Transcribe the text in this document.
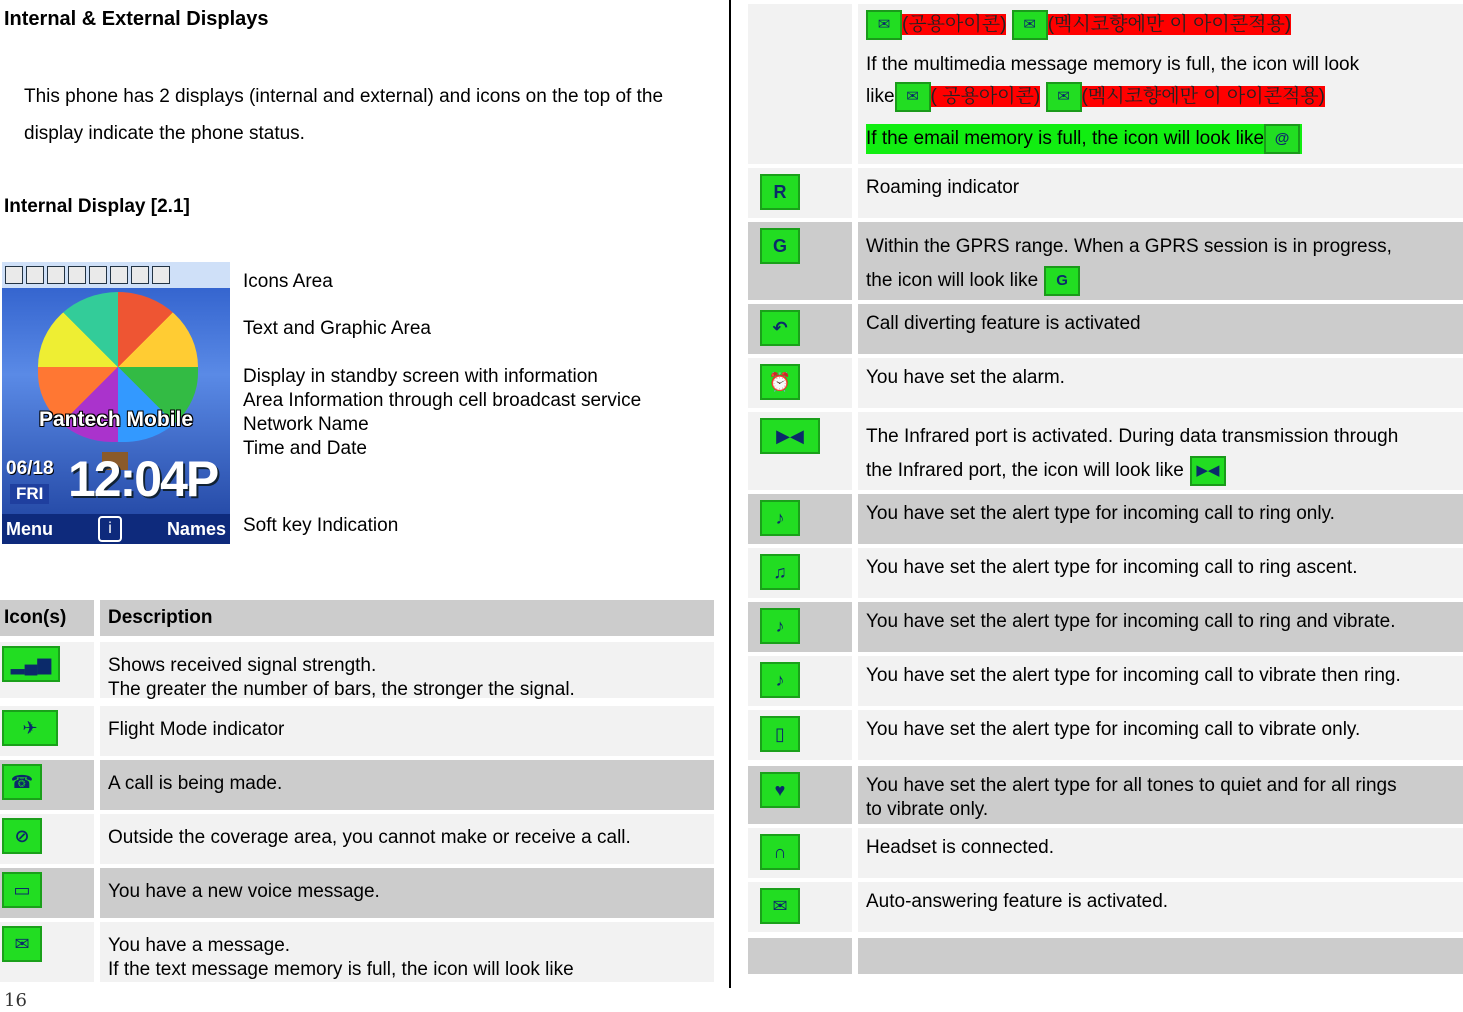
Internal & External Displays

This phone has 2 displays (internal and external) and icons on the top of the display indicate the phone status.

Internal Display [2.1]
Pantech Mobile
06/18
FRI 12:04P
Menu	i	Names
Icons Area
Text and Graphic Area
Display in standby screen with information
Area Information through cell broadcast service
Network Name
Time and Date
Soft key Indication
Icon(s)	Description
▂▄▆	Shows received signal strength.
The greater the number of bars, the stronger the signal.
✈	Flight Mode indicator
☎	A call is being made.
⊘	Outside the coverage area, you cannot make or receive a call.
▭	You have a new voice message.
✉	You have a message.
If the text message memory is full, the icon will look like
✉ (공용아이콘) ✉ (멕시코향에만 이 아이콘적용)
If the multimedia message memory is full, the icon will look
like ✉ ( 공용아이콘) ✉ (멕시코향에만 이 아이콘적용)
If the email memory is full, the icon will look like @
R	Roaming indicator
G	Within the GPRS range. When a GPRS session is in progress,
the icon will look like G
↶	Call diverting feature is activated
⏰	You have set the alarm.
▶◀	The Infrared port is activated. During data transmission through
the Infrared port, the icon will look like ▶◀
♪	You have set the alert type for incoming call to ring only.
♫	You have set the alert type for incoming call to ring ascent.
♪	You have set the alert type for incoming call to ring and vibrate.
♪	You have set the alert type for incoming call to vibrate then ring.
▯	You have set the alert type for incoming call to vibrate only.
♥	You have set the alert type for all tones to quiet and for all rings
to vibrate only.
∩	Headset is connected.
✉	Auto-answering feature is activated.
16
